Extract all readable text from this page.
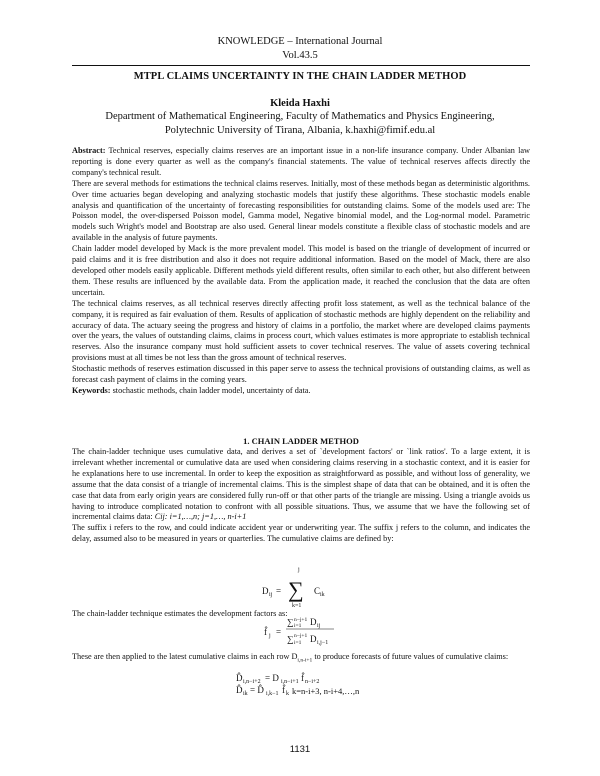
KNOWLEDGE – International Journal
Vol.43.5
MTPL CLAIMS UNCERTAINTY IN THE CHAIN LADDER METHOD
Kleida Haxhi
Department of Mathematical Engineering, Faculty of Mathematics and Physics Engineering,
Polytechnic University of Tirana, Albania, k.haxhi@fimif.edu.al

Abstract: Technical reserves, especially claims reserves are an important issue in a non-life insurance company. Under Albanian law reporting is done every quarter as well as the company's financial statements. The value of technical reserves affects directly the company's technical result.

There are several methods for estimations the technical claims reserves. Initially, most of these methods began as deterministic algorithms. Over time actuaries began developing and analyzing stochastic models that justify these algorithms. These stochastic models enable analysis and quantification of the uncertainty of forecasting responsibilities for outstanding claims. Some of the models used are: The Poisson model, the over-dispersed Poisson model, Gamma model, Negative binomial model, and the Log-normal model. Parametric models such Wright's model and Bootstrap are also used. General linear models constitute a flexible class of stochastic models and are available in the analysis of future payments.

Chain ladder model developed by Mack is the more prevalent model. This model is based on the triangle of development of incurred or paid claims and it is free distribution and also it does not require additional information. Based on the model of Mack, there are also developed other models easily applicable. Different methods yield different results, often similar to each other, but also different between them. These results are influenced by the available data. From the application made, it reached the conclusion that the data are often uncertain.

The technical claims reserves, as all technical reserves directly affecting profit loss statement, as well as the technical balance of the company, it is required as fair evaluation of them. Results of application of stochastic methods are highly dependent on the reliability and accuracy of data. The actuary seeing the progress and history of claims in a portfolio, the market where are developed claims payments over the years, the values of outstanding claims, claims in process court, which values estimates is more appropriate to establish technical reserves. Also the insurance company must hold sufficient assets to cover technical reserves. The value of assets covering technical provisions must at all times be not less than the gross amount of technical reserves.

Stochastic methods of reserves estimation discussed in this paper serve to assess the technical provisions of outstanding claims, as well as forecast cash payment of claims in the coming years.

Keywords: stochastic methods, chain ladder model, uncertainty of data.

1. CHAIN LADDER METHOD

The chain-ladder technique uses cumulative data, and derives a set of `development factors' or `link ratios'. To a large extent, it is irrelevant whether incremental or cumulative data are used when considering claims reserving in a stochastic context, and it is easier for he explanations here to use incremental. In order to keep the exposition as straightforward as possible, and without loss of generality, we assume that the data consist of a triangle of incremental claims. This is the simplest shape of data that can be obtained, and it is often the case that data from early origin years are considered fully run-off or that other parts of the triangle are missing. Using a triangle avoids us having to introduce complicated notation to confront with all possible situations. Thus, we assume that we have the following set of incremental claims data: Cij: i=1,…,n; j=1,…, n-i+1

The suffix i refers to the row, and could indicate accident year or underwriting year. The suffix j refers to the column, and indicates the delay, assumed also to be measured in years or quarterlies. The cumulative claims are defined by:

D ij =
j
∑
k=1
C ik
f̂ j =
∑ n−j+1
i=1 D ij
∑ n−j+1
i=1 D i,j−1
D̂ i,n−i+2 = D i,n−i+1 f̂ n−i+2
D̂ ik = D̂ i,k−1 f̂ k k=n-i+3, n-i+4,…,n
The chain-ladder technique estimates the development factors as:
These are then applied to the latest cumulative claims in each row $D_{i,n-i+1}$ to produce forecasts of future values of cumulative claims:
1131
